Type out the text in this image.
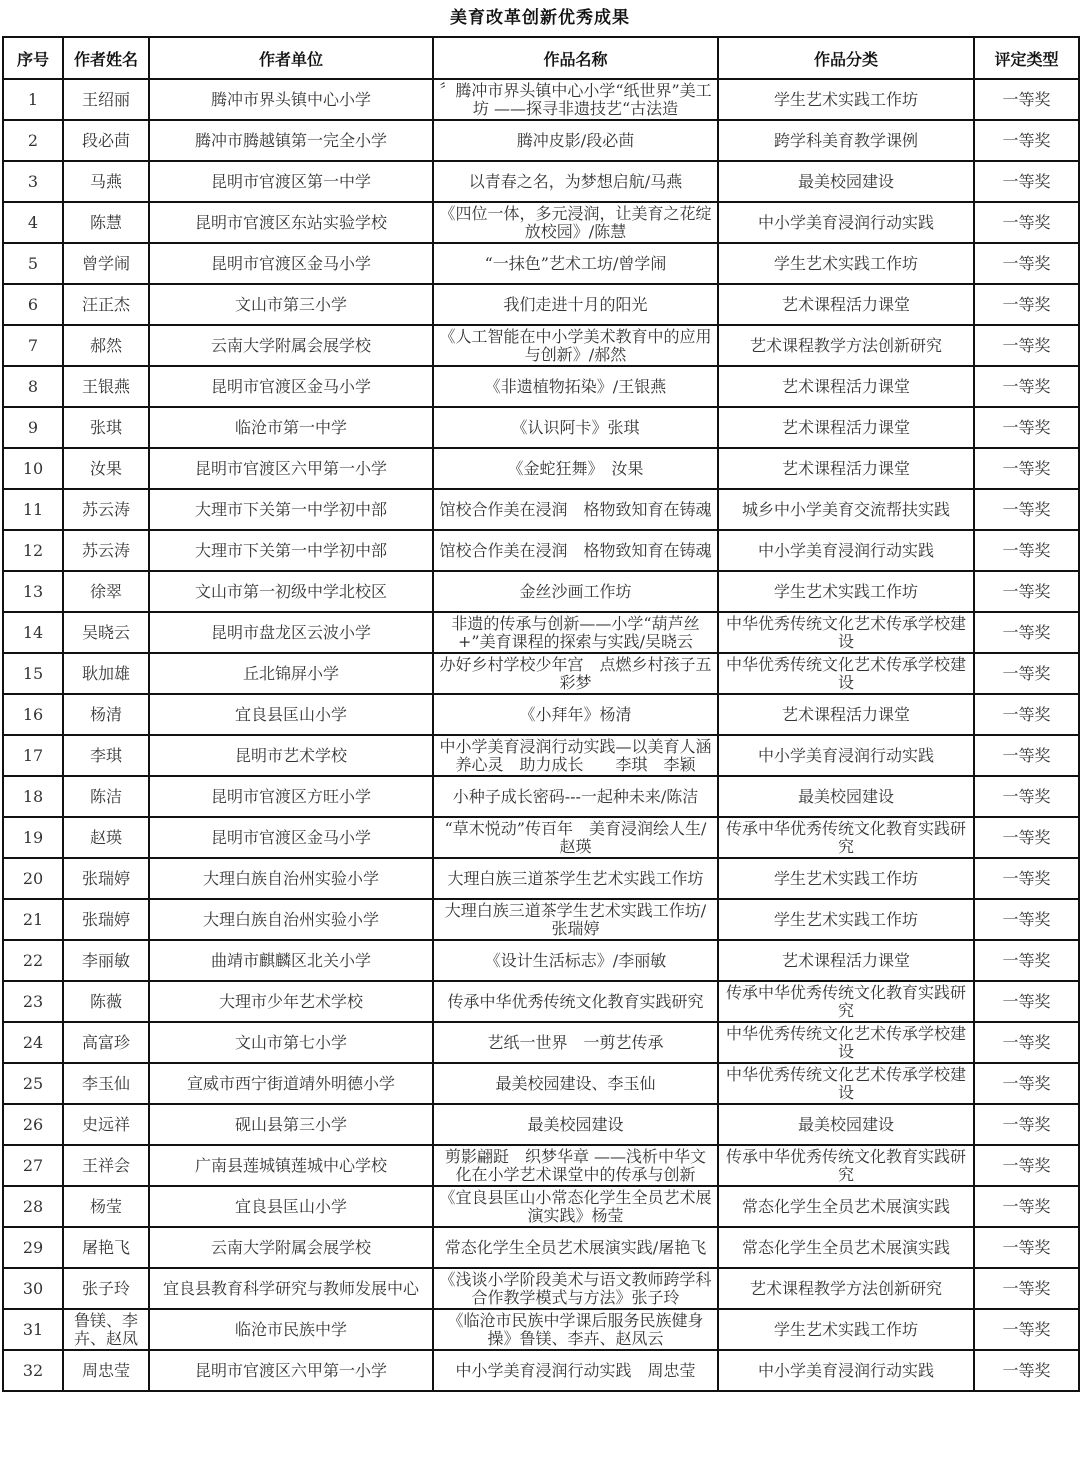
美育改革创新优秀成果
序号	作者姓名	作者单位	作品名称	作品分类	评定类型

1	王绍丽	腾冲市界头镇中心小学	〞腾冲市界头镇中心小学“纸世界”美工坊 ——探寻非遗技艺“古法造	学生艺术实践工作坊	一等奖

2	段必茴	腾冲市腾越镇第一完全小学	腾冲皮影/段必茴	跨学科美育教学课例	一等奖

3	马燕	昆明市官渡区第一中学	以青春之名，为梦想启航/马燕	最美校园建设	一等奖

4	陈慧	昆明市官渡区东站实验学校	《四位一体，多元浸润，让美育之花绽放校园》/陈慧	中小学美育浸润行动实践	一等奖

5	曾学闹	昆明市官渡区金马小学	“一抹色”艺术工坊/曾学闹	学生艺术实践工作坊	一等奖

6	汪正杰	文山市第三小学	我们走进十月的阳光	艺术课程活力课堂	一等奖

7	郝然	云南大学附属会展学校	《人工智能在中小学美术教育中的应用与创新》/郝然	艺术课程教学方法创新研究	一等奖

8	王银燕	昆明市官渡区金马小学	《非遗植物拓染》/王银燕	艺术课程活力课堂	一等奖

9	张琪	临沧市第一中学	《认识阿卡》张琪	艺术课程活力课堂	一等奖

10	汝果	昆明市官渡区六甲第一小学	《金蛇狂舞》　汝果	艺术课程活力课堂	一等奖

11	苏云涛	大理市下关第一中学初中部	馆校合作美在浸润　格物致知育在铸魂	城乡中小学美育交流帮扶实践	一等奖

12	苏云涛	大理市下关第一中学初中部	馆校合作美在浸润　格物致知育在铸魂	中小学美育浸润行动实践	一等奖

13	徐翠	文山市第一初级中学北校区	金丝沙画工作坊	学生艺术实践工作坊	一等奖

14	吴晓云	昆明市盘龙区云波小学	非遗的传承与创新——小学“葫芦丝+”美育课程的探索与实践/吴晓云	中华优秀传统文化艺术传承学校建设	一等奖

15	耿加雄	丘北锦屏小学	办好乡村学校少年宫　点燃乡村孩子五彩梦	中华优秀传统文化艺术传承学校建设	一等奖

16	杨清	宜良县匡山小学	《小拜年》杨清	艺术课程活力课堂	一等奖

17	李琪	昆明市艺术学校	中小学美育浸润行动实践—以美育人涵养心灵　助力成长　　李琪　李颖	中小学美育浸润行动实践	一等奖

18	陈洁	昆明市官渡区方旺小学	小种子成长密码---一起种未来/陈洁	最美校园建设	一等奖

19	赵瑛	昆明市官渡区金马小学	“草木悦动”传百年　美育浸润绘人生/赵瑛	传承中华优秀传统文化教育实践研究	一等奖

20	张瑞婷	大理白族自治州实验小学	大理白族三道茶学生艺术实践工作坊	学生艺术实践工作坊	一等奖

21	张瑞婷	大理白族自治州实验小学	大理白族三道茶学生艺术实践工作坊/张瑞婷	学生艺术实践工作坊	一等奖

22	李丽敏	曲靖市麒麟区北关小学	《设计生活标志》/李丽敏	艺术课程活力课堂	一等奖

23	陈薇	大理市少年艺术学校	传承中华优秀传统文化教育实践研究	传承中华优秀传统文化教育实践研究	一等奖

24	高富珍	文山市第七小学	艺纸一世界　一剪艺传承	中华优秀传统文化艺术传承学校建设	一等奖

25	李玉仙	宣威市西宁街道靖外明德小学	最美校园建设、李玉仙	中华优秀传统文化艺术传承学校建设	一等奖

26	史远祥	砚山县第三小学	最美校园建设	最美校园建设	一等奖

27	王祥会	广南县莲城镇莲城中心学校	剪影翩跹　织梦华章 ——浅析中华文化在小学艺术课堂中的传承与创新	传承中华优秀传统文化教育实践研究	一等奖

28	杨莹	宜良县匡山小学	《宜良县匡山小常态化学生全员艺术展演实践》杨莹	常态化学生全员艺术展演实践	一等奖

29	屠艳飞	云南大学附属会展学校	常态化学生全员艺术展演实践/屠艳飞	常态化学生全员艺术展演实践	一等奖

30	张子玲	宜良县教育科学研究与教师发展中心	《浅谈小学阶段美术与语文教师跨学科合作教学模式与方法》张子玲	艺术课程教学方法创新研究	一等奖

31	鲁镁、李卉、赵凤	临沧市民族中学	《临沧市民族中学课后服务民族健身操》鲁镁、李卉、赵凤云	学生艺术实践工作坊	一等奖

32	周忠莹	昆明市官渡区六甲第一小学	中小学美育浸润行动实践　周忠莹	中小学美育浸润行动实践	一等奖
